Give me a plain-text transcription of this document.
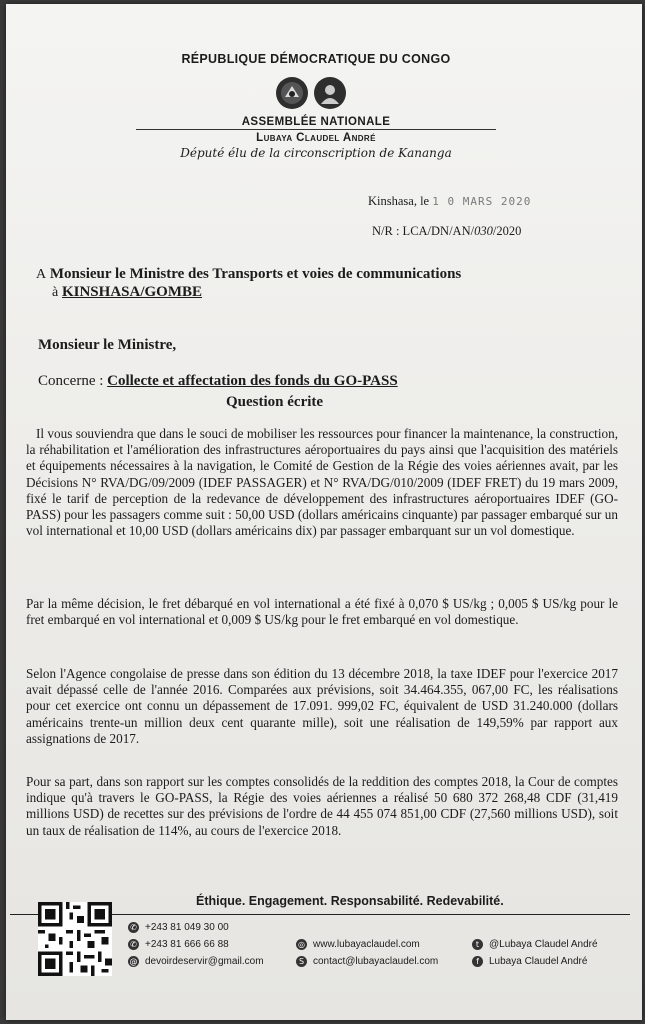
RÉPUBLIQUE DÉMOCRATIQUE DU CONGO
ASSEMBLÉE NATIONALE
Lubaya Claudel André
Député élu de la circonscription de Kananga
Kinshasa, le 1 0 MARS 2020
N/R : LCA/DN/AN/030/2020
A Monsieur le Ministre des Transports et voies de communications
à KINSHASA/GOMBE
Monsieur le Ministre,
Concerne : Collecte et affectation des fonds du GO-PASS
Question écrite
Il vous souviendra que dans le souci de mobiliser les ressources pour financer la maintenance, la construction, la réhabilitation et l'amélioration des infrastructures aéroportuaires du pays ainsi que l'acquisition des matériels et équipements nécessaires à la navigation, le Comité de Gestion de la Régie des voies aériennes avait, par les Décisions N° RVA/DG/09/2009 (IDEF PASSAGER) et N° RVA/DG/010/2009 (IDEF FRET) du 19 mars 2009, fixé le tarif de perception de la redevance de développement des infrastructures aéroportuaires IDEF (GO-PASS) pour les passagers comme suit : 50,00 USD (dollars américains cinquante) par passager embarqué sur un vol international et 10,00 USD (dollars américains dix) par passager embarquant sur un vol domestique.
Par la même décision, le fret débarqué en vol international a été fixé à 0,070 $ US/kg ; 0,005 $ US/kg pour le fret embarqué en vol international et 0,009 $ US/kg pour le fret embarqué en vol domestique.
Selon l'Agence congolaise de presse dans son édition du 13 décembre 2018, la taxe IDEF pour l'exercice 2017 avait dépassé celle de l'année 2016. Comparées aux prévisions, soit 34.464.355, 067,00 FC, les réalisations pour cet exercice ont connu un dépassement de 17.091. 999,02 FC, équivalent de USD 31.240.000 (dollars américains trente-un million deux cent quarante mille), soit une réalisation de 149,59% par rapport aux assignations de 2017.
Pour sa part, dans son rapport sur les comptes consolidés de la reddition des comptes 2018, la Cour de comptes indique qu'à travers le GO-PASS, la Régie des voies aériennes a réalisé 50 680 372 268,48 CDF (31,419 millions USD) de recettes sur des prévisions de l'ordre de 44 455 074 851,00 CDF (27,560 millions USD), soit un taux de réalisation de 114%, au cours de l'exercice 2018.
Éthique. Engagement. Responsabilité. Redevabilité.
✆ +243 81 049 30 00
✆ +243 81 666 66 88
@ devoirdeservir@gmail.com
◎ www.lubayaclaudel.com
S contact@lubayaclaudel.com
t @Lubaya Claudel André
f	Lubaya Claudel André
